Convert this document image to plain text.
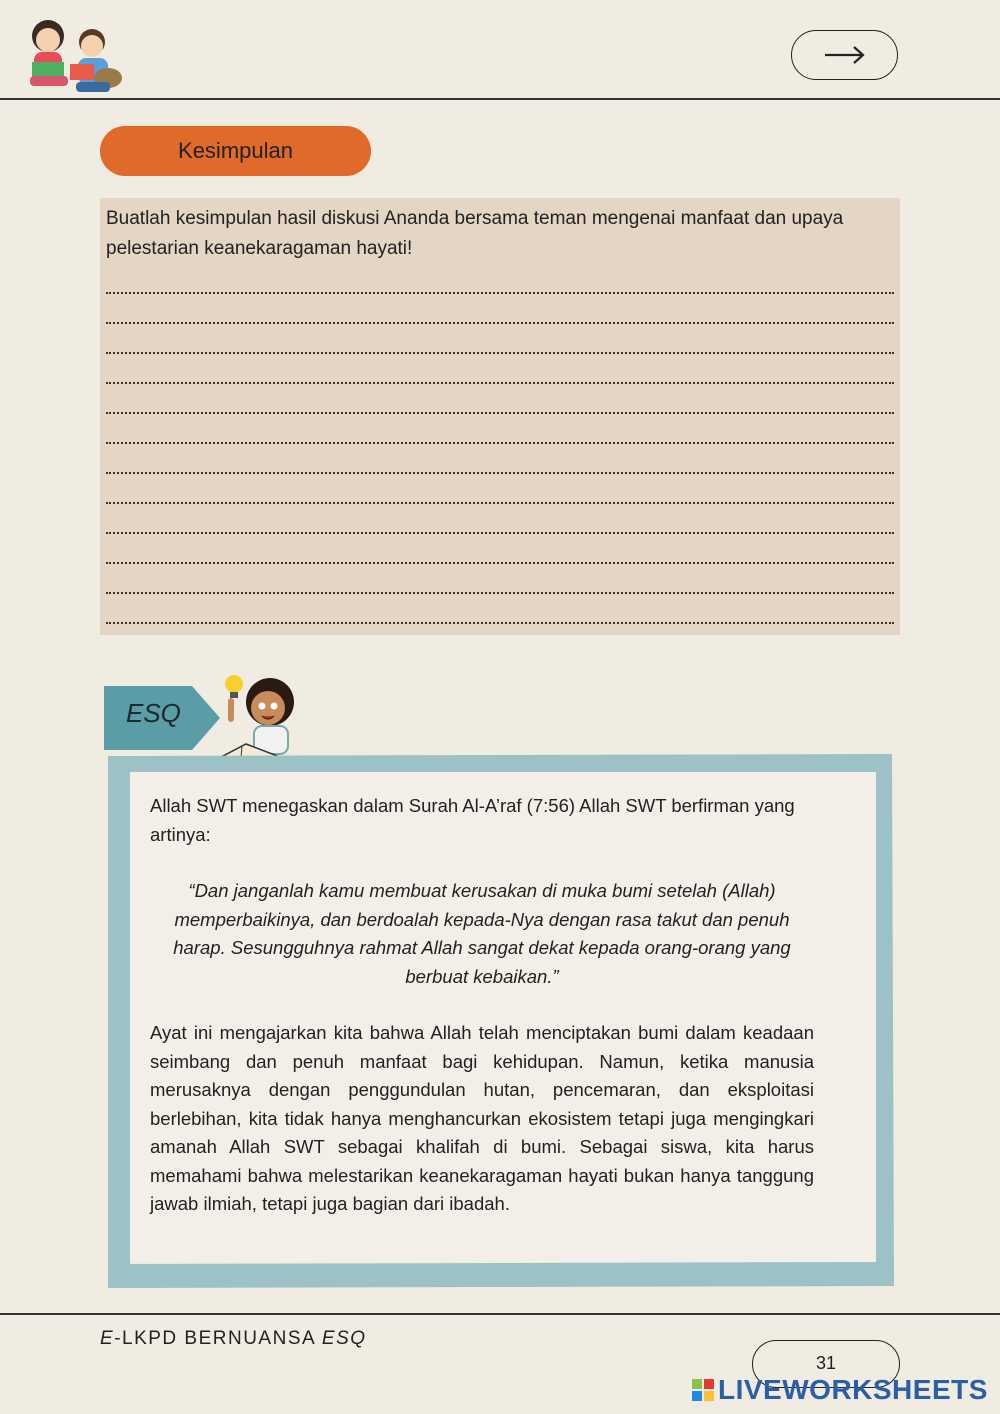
Kesimpulan

Buatlah kesimpulan hasil diskusi Ananda bersama teman mengenai manfaat dan upaya pelestarian keanekaragaman hayati!

ESQ

Allah SWT menegaskan dalam Surah Al-A’raf (7:56) Allah SWT berfirman yang artinya:

“Dan janganlah kamu membuat kerusakan di muka bumi setelah (Allah) memperbaikinya, dan berdoalah kepada-Nya dengan rasa takut dan penuh harap. Sesungguhnya rahmat Allah sangat dekat kepada orang-orang yang berbuat kebaikan.”

Ayat ini mengajarkan kita bahwa Allah telah menciptakan bumi dalam keadaan seimbang dan penuh manfaat bagi kehidupan. Namun, ketika manusia merusaknya dengan penggundulan hutan, pencemaran, dan eksploitasi berlebihan, kita tidak hanya menghancurkan ekosistem tetapi juga mengingkari amanah Allah SWT sebagai khalifah di bumi. Sebagai siswa, kita harus memahami bahwa melestarikan keanekaragaman hayati bukan hanya tanggung jawab ilmiah, tetapi juga bagian dari ibadah.

E-LKPD BERNUANSA ESQ
31
LIVEWORKSHEETS
